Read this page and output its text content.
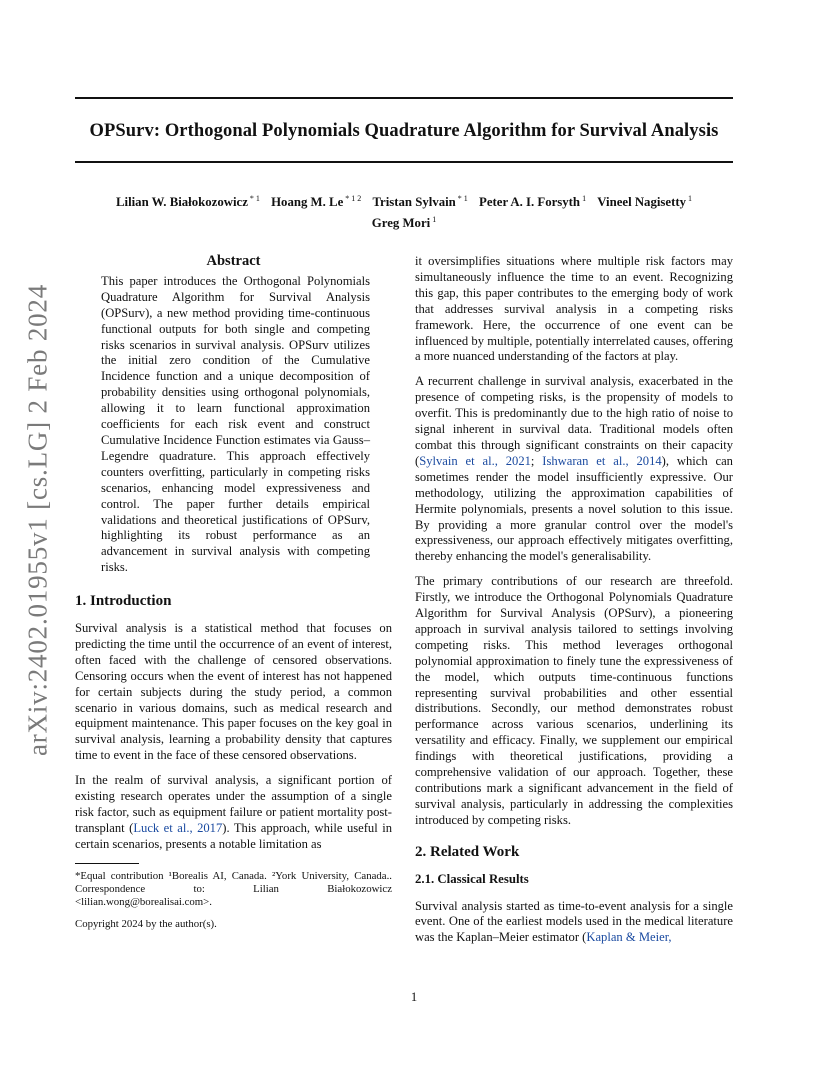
OPSurv: Orthogonal Polynomials Quadrature Algorithm for Survival Analysis
Lilian W. Białokozowicz $^{* 1}$ Hoang M. Le $^{* 1 2}$ Tristan Sylvain $^{* 1}$ Peter A. I. Forsyth $^1$ Vineel Nagisetty $^1$
Greg Mori $^1$
arXiv:2402.01955v1 [cs.LG] 2 Feb 2024
Abstract

This paper introduces the Orthogonal Polynomials Quadrature Algorithm for Survival Analysis (OPSurv), a new method providing time-continuous functional outputs for both single and competing risks scenarios in survival analysis. OPSurv utilizes the initial zero condition of the Cumulative Incidence function and a unique decomposition of probability densities using orthogonal polynomials, allowing it to learn functional approximation coefficients for each risk event and construct Cumulative Incidence Function estimates via Gauss–Legendre quadrature. This approach effectively counters overfitting, particularly in competing risks scenarios, enhancing model expressiveness and control. The paper further details empirical validations and theoretical justifications of OPSurv, highlighting its robust performance as an advancement in survival analysis with competing risks.

1. Introduction

Survival analysis is a statistical method that focuses on predicting the time until the occurrence of an event of interest, often faced with the challenge of censored observations. Censoring occurs when the event of interest has not happened for certain subjects during the study period, a common scenario in various domains, such as medical research and equipment maintenance. This paper focuses on the key goal in survival analysis, learning a probability density that captures time to event in the face of these censored observations.

In the realm of survival analysis, a significant portion of existing research operates under the assumption of a single risk factor, such as equipment failure or patient mortality post-transplant (Luck et al., 2017). This approach, while useful in certain scenarios, presents a notable limitation as

*Equal contribution ¹Borealis AI, Canada. ²York University, Canada.. Correspondence to: Lilian Białokozowicz <lilian.wong@borealisai.com>.

Copyright 2024 by the author(s).

it oversimplifies situations where multiple risk factors may simultaneously influence the time to an event. Recognizing this gap, this paper contributes to the emerging body of work that addresses survival analysis in a competing risks framework. Here, the occurrence of one event can be influenced by multiple, potentially interrelated causes, offering a more nuanced understanding of the factors at play.

A recurrent challenge in survival analysis, exacerbated in the presence of competing risks, is the propensity of models to overfit. This is predominantly due to the high ratio of noise to signal inherent in survival data. Traditional models often combat this through significant constraints on their capacity (Sylvain et al., 2021; Ishwaran et al., 2014), which can sometimes render the model insufficiently expressive. Our methodology, utilizing the approximation capabilities of Hermite polynomials, presents a novel solution to this issue. By providing a more granular control over the model's expressiveness, our approach effectively mitigates overfitting, thereby enhancing the model's generalisability.

The primary contributions of our research are threefold. Firstly, we introduce the Orthogonal Polynomials Quadrature Algorithm for Survival Analysis (OPSurv), a pioneering approach in survival analysis tailored to settings involving competing risks. This method leverages orthogonal polynomial approximation to finely tune the expressiveness of the model, which outputs time-continuous functions representing survival probabilities and other essential distributions. Secondly, our method demonstrates robust performance across various scenarios, underlining its versatility and efficacy. Finally, we supplement our empirical findings with theoretical justifications, providing a comprehensive validation of our approach. Together, these contributions mark a significant advancement in the field of survival analysis, particularly in addressing the complexities introduced by competing risks.

2. Related Work
2.1. Classical Results

Survival analysis started as time-to-event analysis for a single event. One of the earliest models used in the medical literature was the Kaplan–Meier estimator (Kaplan & Meier,

1
